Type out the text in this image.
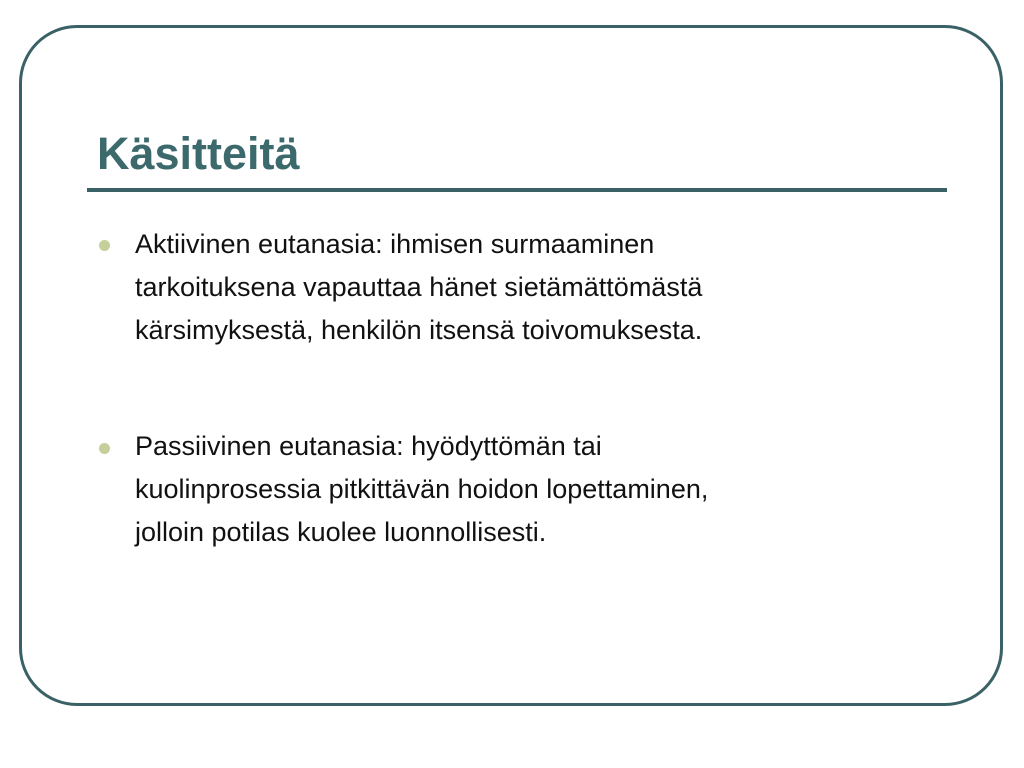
Käsitteitä

Aktiivinen eutanasia: ihmisen surmaaminen
tarkoituksena vapauttaa hänet sietämättömästä
kärsimyksestä, henkilön itsensä toivomuksesta.

Passiivinen eutanasia: hyödyttömän tai
kuolinprosessia pitkittävän hoidon lopettaminen,
jolloin potilas kuolee luonnollisesti.
